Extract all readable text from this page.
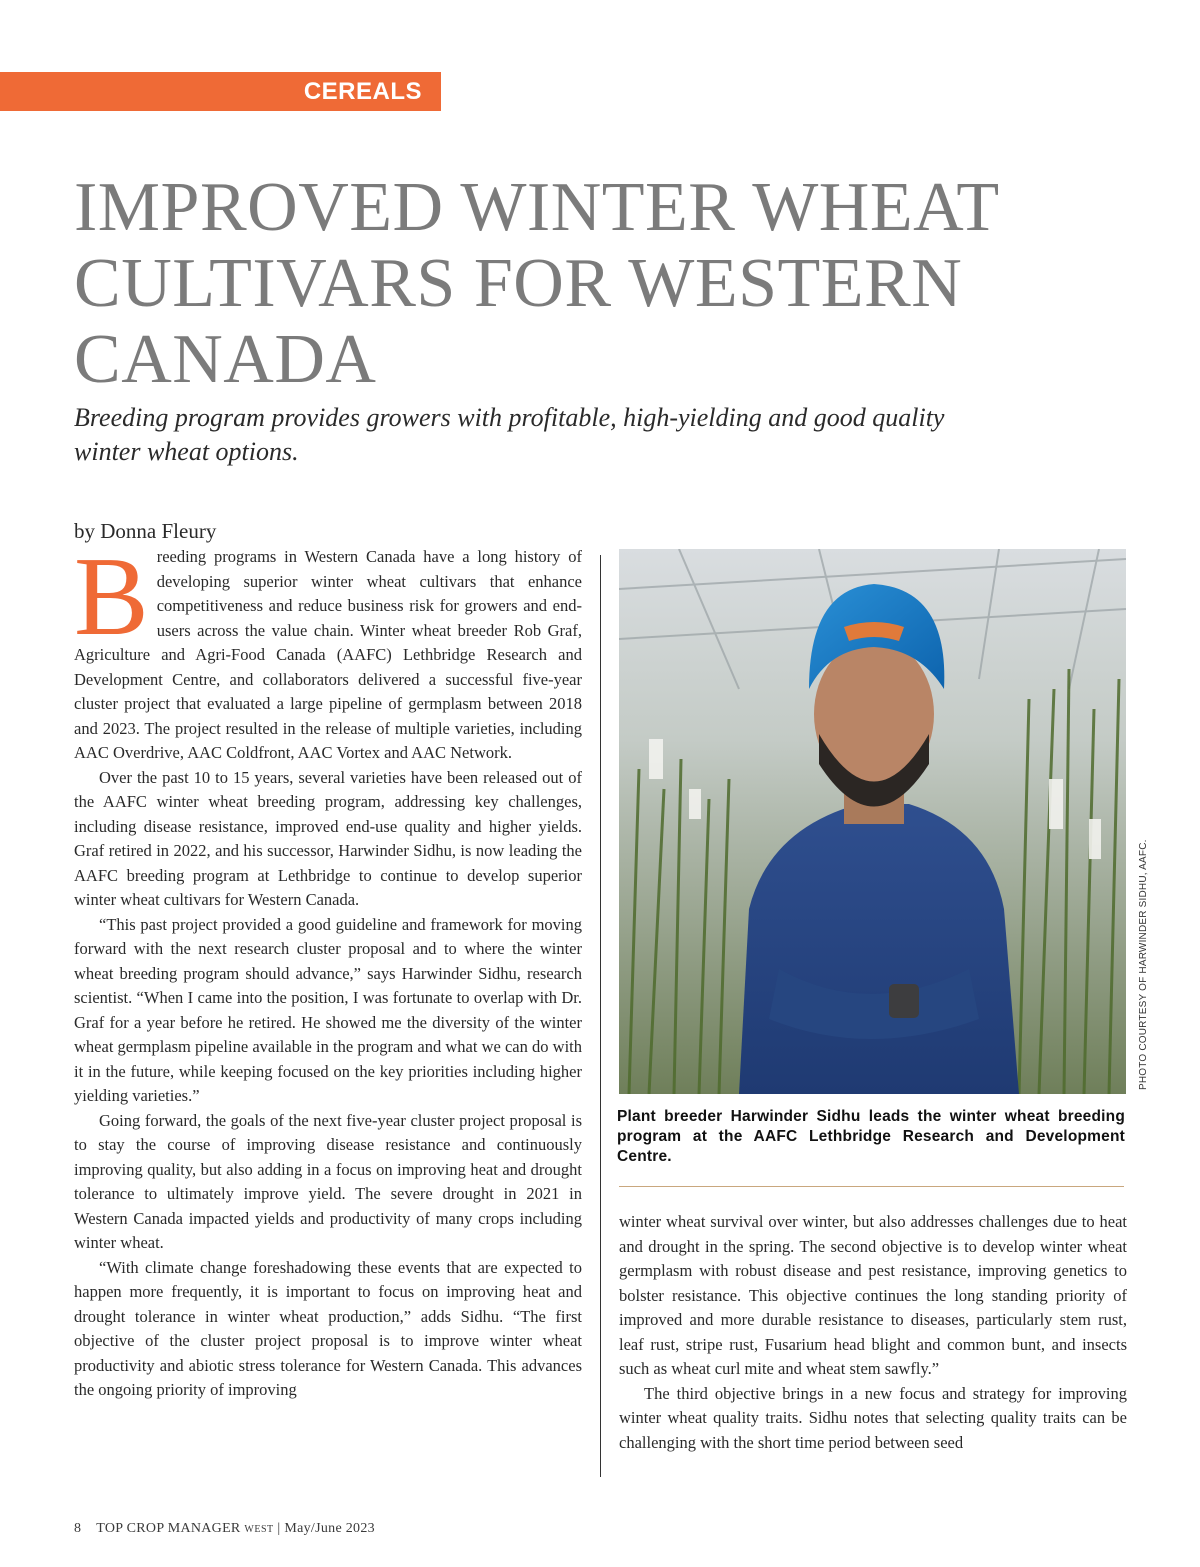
CEREALS
IMPROVED WINTER WHEAT CULTIVARS FOR WESTERN CANADA

Breeding program provides growers with profitable, high-yielding and good quality winter wheat options.

by Donna Fleury

Breeding programs in Western Canada have a long history of developing superior winter wheat cultivars that enhance competitiveness and reduce business risk for growers and end-users across the value chain. Winter wheat breeder Rob Graf, Agriculture and Agri-Food Canada (AAFC) Lethbridge Research and Development Centre, and collaborators delivered a successful five-year cluster project that evaluated a large pipeline of germplasm between 2018 and 2023. The project resulted in the release of multiple varieties, including AAC Overdrive, AAC Coldfront, AAC Vortex and AAC Network.

Over the past 10 to 15 years, several varieties have been released out of the AAFC winter wheat breeding program, addressing key challenges, including disease resistance, improved end-use quality and higher yields. Graf retired in 2022, and his successor, Harwinder Sidhu, is now leading the AAFC breeding program at Lethbridge to continue to develop superior winter wheat cultivars for Western Canada.

“This past project provided a good guideline and framework for moving forward with the next research cluster proposal and to where the winter wheat breeding program should advance,” says Harwinder Sidhu, research scientist. “When I came into the position, I was fortunate to overlap with Dr. Graf for a year before he retired. He showed me the diversity of the winter wheat germplasm pipeline available in the program and what we can do with it in the future, while keeping focused on the key priorities including higher yielding varieties.”

Going forward, the goals of the next five-year cluster project proposal is to stay the course of improving disease resistance and continuously improving quality, but also adding in a focus on improving heat and drought tolerance to ultimately improve yield. The severe drought in 2021 in Western Canada impacted yields and productivity of many crops including winter wheat.

“With climate change foreshadowing these events that are expected to happen more frequently, it is important to focus on improving heat and drought tolerance in winter wheat production,” adds Sidhu. “The first objective of the cluster project proposal is to improve winter wheat productivity and abiotic stress tolerance for Western Canada. This advances the ongoing priority of improving

PHOTO COURTESY OF HARWINDER SIDHU, AAFC.

Plant breeder Harwinder Sidhu leads the winter wheat breeding program at the AAFC Lethbridge Research and Development Centre.

winter wheat survival over winter, but also addresses challenges due to heat and drought in the spring. The second objective is to develop winter wheat germplasm with robust disease and pest resistance, improving genetics to bolster resistance. This objective continues the long standing priority of improved and more durable resistance to diseases, particularly stem rust, leaf rust, stripe rust, Fusarium head blight and common bunt, and insects such as wheat curl mite and wheat stem sawfly.”

The third objective brings in a new focus and strategy for improving winter wheat quality traits. Sidhu notes that selecting quality traits can be challenging with the short time period between seed

8 TOP CROP MANAGER WEST | May/June 2023
